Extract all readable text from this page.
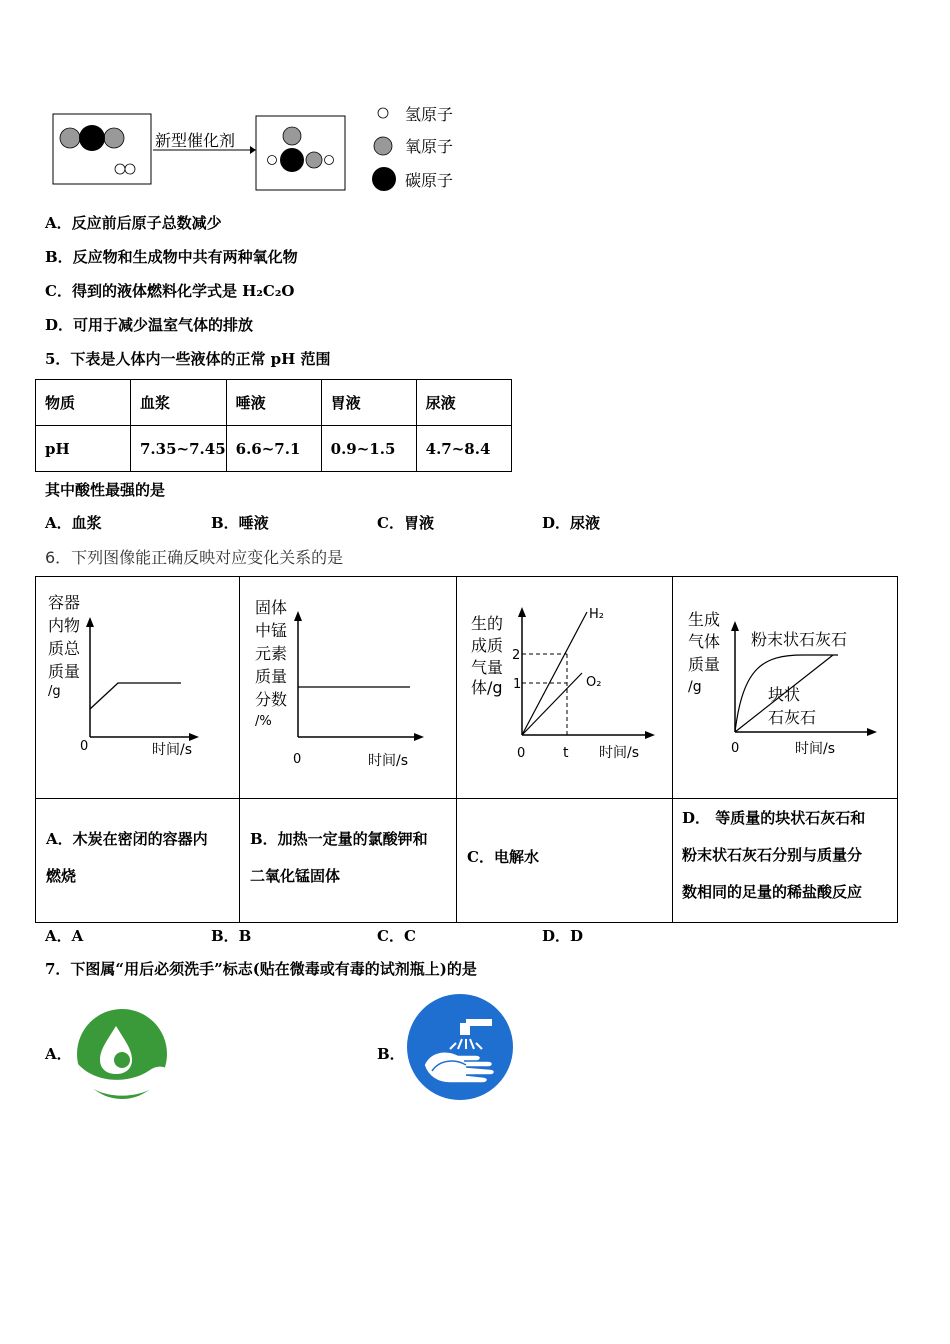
新型催化剂
氢原子
氧原子
碳原子
A．反应前后原子总数减少
B．反应物和生成物中共有两种氧化物
C．得到的液体燃料化学式是 H₂C₂O
D．可用于减少温室气体的排放
5．下表是人体内一些液体的正常 pH 范围
物质	血浆	唾液	胃液	尿液
pH	7.35~7.45	6.6~7.1	0.9~1.5	4.7~8.4
其中酸性最强的是
A．血浆	B．唾液	C．胃液	D．尿液
6．下列图像能正确反映对应变化关系的是
容器
内物
质总
质量
/g
0	时间/s
固体
中锰
元素
质量
分数
/%
0	时间/s
生的
成质
气量
体/g
2
1
H₂
O₂
0	t 时间/s
生成
气体
质量
/g
粉末状石灰石
块状
石灰石
0	时间/s
A．木炭在密闭的容器内
燃烧
B．加热一定量的氯酸钾和
二氧化锰固体
C．电解水
D． 等质量的块状石灰石和
粉末状石灰石分别与质量分
数相同的足量的稀盐酸反应
A．A	B．B	C．C	D．D
7．下图属“用后必须洗手”标志(贴在微毒或有毒的试剂瓶上)的是
A．	B．
